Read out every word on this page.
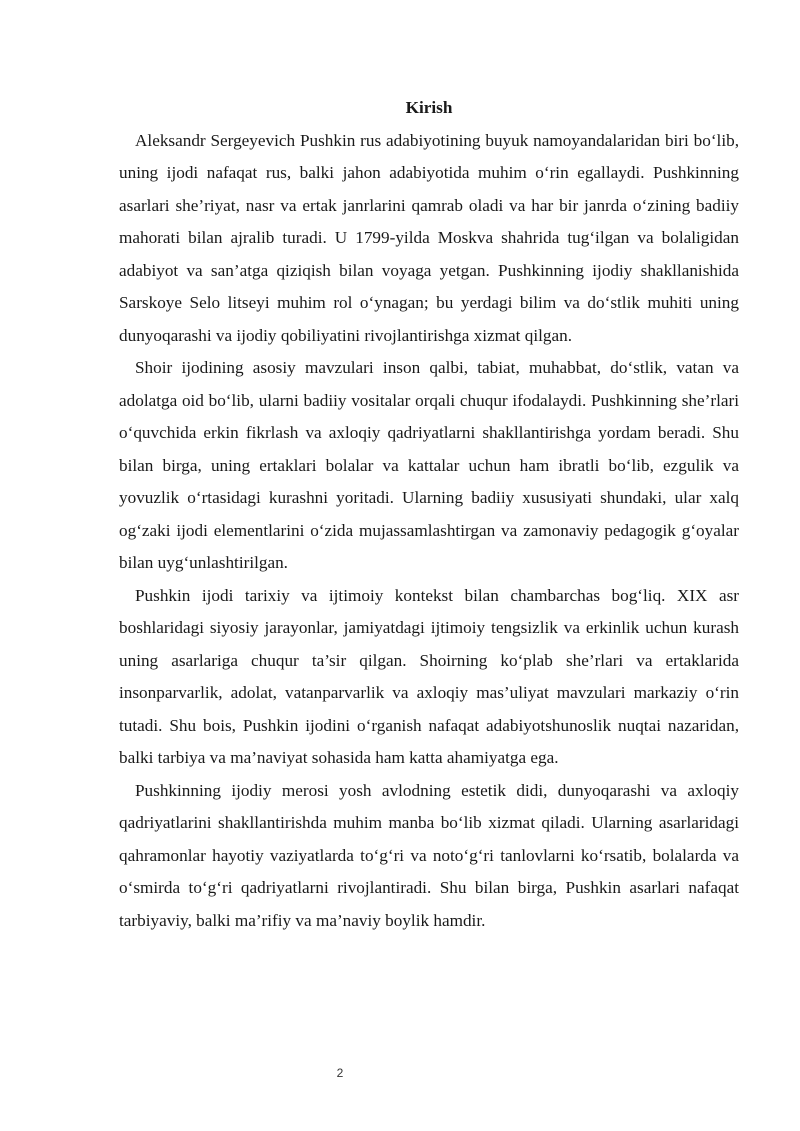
Kirish

Aleksandr Sergeyevich Pushkin rus adabiyotining buyuk namoyandalaridan biri bo‘lib, uning ijodi nafaqat rus, balki jahon adabiyotida muhim o‘rin egallaydi. Pushkinning asarlari she’riyat, nasr va ertak janrlarini qamrab oladi va har bir janrda o‘zining badiiy mahorati bilan ajralib turadi. U 1799-yilda Moskva shahrida tug‘ilgan va bolaligidan adabiyot va san’atga qiziqish bilan voyaga yetgan. Pushkinning ijodiy shakllanishida Sarskoye Selo litseyi muhim rol o‘ynagan; bu yerdagi bilim va do‘stlik muhiti uning dunyoqarashi va ijodiy qobiliyatini rivojlantirishga xizmat qilgan.

Shoir ijodining asosiy mavzulari inson qalbi, tabiat, muhabbat, do‘stlik, vatan va adolatga oid bo‘lib, ularni badiiy vositalar orqali chuqur ifodalaydi. Pushkinning she’rlari o‘quvchida erkin fikrlash va axloqiy qadriyatlarni shakllantirishga yordam beradi. Shu bilan birga, uning ertaklari bolalar va kattalar uchun ham ibratli bo‘lib, ezgulik va yovuzlik o‘rtasidagi kurashni yoritadi. Ularning badiiy xususiyati shundaki, ular xalq og‘zaki ijodi elementlarini o‘zida mujassamlashtirgan va zamonaviy pedagogik g‘oyalar bilan uyg‘unlashtirilgan.

Pushkin ijodi tarixiy va ijtimoiy kontekst bilan chambarchas bog‘liq. XIX asr boshlaridagi siyosiy jarayonlar, jamiyatdagi ijtimoiy tengsizlik va erkinlik uchun kurash uning asarlariga chuqur ta’sir qilgan. Shoirning ko‘plab she’rlari va ertaklarida insonparvarlik, adolat, vatanparvarlik va axloqiy mas’uliyat mavzulari markaziy o‘rin tutadi. Shu bois, Pushkin ijodini o‘rganish nafaqat adabiyotshunoslik nuqtai nazaridan, balki tarbiya va ma’naviyat sohasida ham katta ahamiyatga ega.

Pushkinning ijodiy merosi yosh avlodning estetik didi, dunyoqarashi va axloqiy qadriyatlarini shakllantirishda muhim manba bo‘lib xizmat qiladi. Ularning asarlaridagi qahramonlar hayotiy vaziyatlarda to‘g‘ri va noto‘g‘ri tanlovlarni ko‘rsatib, bolalarda va o‘smirda to‘g‘ri qadriyatlarni rivojlantiradi. Shu bilan birga, Pushkin asarlari nafaqat tarbiyaviy, balki ma’rifiy va ma’naviy boylik hamdir.

2
